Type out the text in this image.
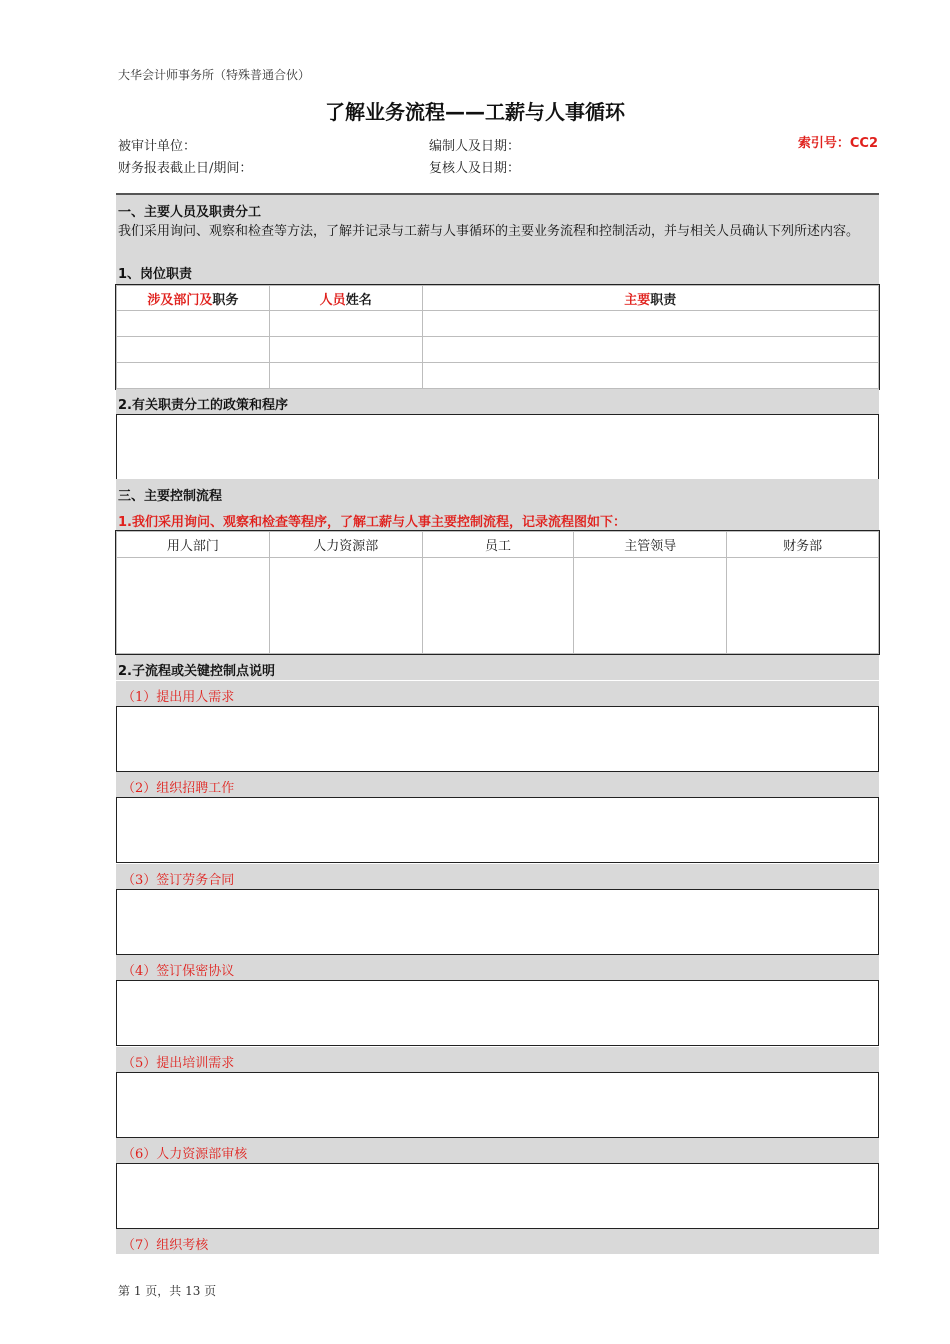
大华会计师事务所（特殊普通合伙）
了解业务流程——工薪与人事循环
被审计单位：	编制人及日期：	索引号：CC2
财务报表截止日/期间：	复核人及日期：
一、主要人员及职责分工
我们采用询问、观察和检查等方法，了解并记录与工薪与人事循环的主要业务流程和控制活动，并与相关人员确认下列所述内容。
1、岗位职责
涉及部门及职务	人员姓名	主要职责

2.有关职责分工的政策和程序
三、主要控制流程
1.我们采用询问、观察和检查等程序，了解工薪与人事主要控制流程，记录流程图如下：
用人部门	人力资源部	员工	主管领导	财务部

2.子流程或关键控制点说明
（1）提出用人需求
（2）组织招聘工作
（3）签订劳务合同
（4）签订保密协议
（5）提出培训需求
（6）人力资源部审核
（7）组织考核
第 1 页，共 13 页
